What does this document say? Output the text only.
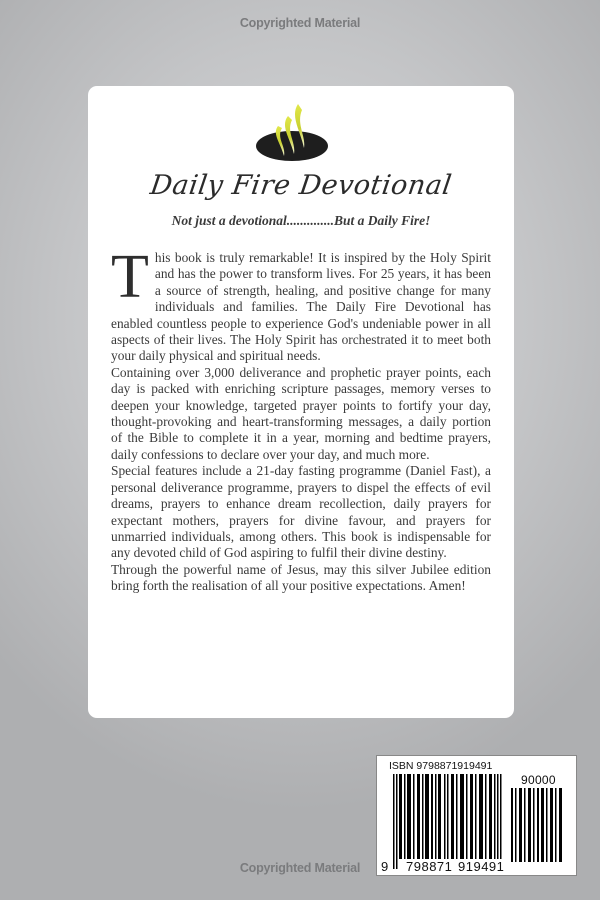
Copyrighted Material
Daily Fire Devotional
Not just a devotional..............But a Daily Fire!

This book is truly remarkable! It is inspired by the Holy Spirit and has the power to transform lives. For 25 years, it has been a source of strength, healing, and positive change for many individuals and families. The Daily Fire Devotional has enabled countless people to experience God's undeniable power in all aspects of their lives. The Holy Spirit has orchestrated it to meet both your daily physical and spiritual needs.

Containing over 3,000 deliverance and prophetic prayer points, each day is packed with enriching scripture passages, memory verses to deepen your knowledge, targeted prayer points to fortify your day, thought-provoking and heart-transforming messages, a daily portion of the Bible to complete it in a year, morning and bedtime prayers, daily confessions to declare over your day, and much more.

Special features include a 21-day fasting programme (Daniel Fast), a personal deliverance programme, prayers to dispel the effects of evil dreams, prayers to enhance dream recollection, daily prayers for expectant mothers, prayers for divine favour, and prayers for unmarried individuals, among others. This book is indispensable for any devoted child of God aspiring to fulfil their divine destiny.

Through the powerful name of Jesus, may this silver Jubilee edition bring forth the realisation of all your positive expectations. Amen!

ISBN 9798871919491
90000
9 798871 919491
Copyrighted Material
